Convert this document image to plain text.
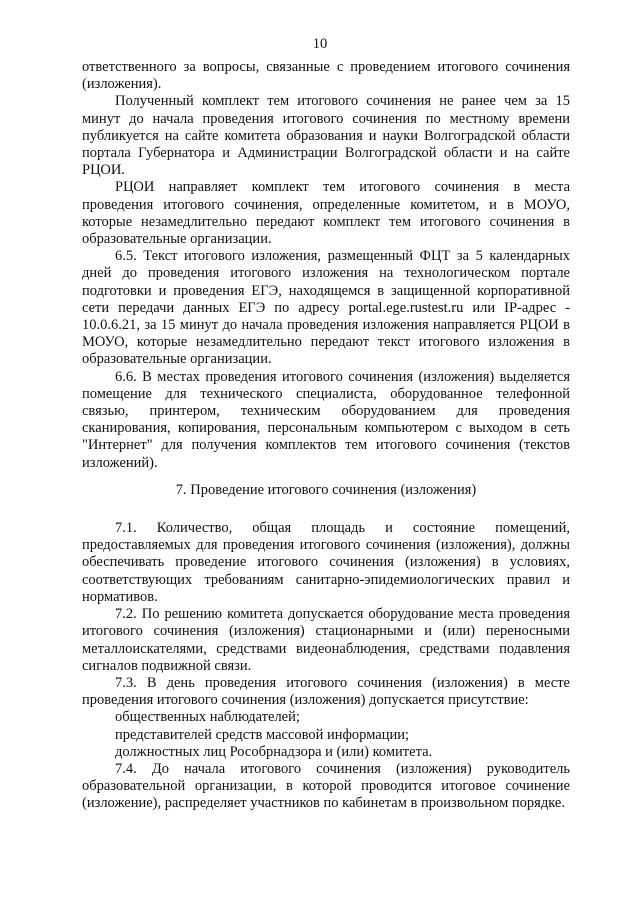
10

ответственного за вопросы, связанные с проведением итогового сочинения (изложения).

Полученный комплект тем итогового сочинения не ранее чем за 15 минут до начала проведения итогового сочинения по местному времени публикуется на сайте комитета образования и науки Волгоградской области портала Губернатора и Администрации Волгоградской области и на сайте РЦОИ.

РЦОИ направляет комплект тем итогового сочинения в места проведения итогового сочинения, определенные комитетом, и в МОУО, которые незамедлительно передают комплект тем итогового сочинения в образовательные организации.

6.5. Текст итогового изложения, размещенный ФЦТ за 5 календарных дней до проведения итогового изложения на технологическом портале подготовки и проведения ЕГЭ, находящемся в защищенной корпоративной сети передачи данных ЕГЭ по адресу portal.ege.rustest.ru или IP-адрес - 10.0.6.21, за 15 минут до начала проведения изложения направляется РЦОИ в МОУО, которые незамедлительно передают текст итогового изложения в образовательные организации.

6.6. В местах проведения итогового сочинения (изложения) выделяется помещение для технического специалиста, оборудованное телефонной связью, принтером, техническим оборудованием для проведения сканирования, копирования, персональным компьютером с выходом в сеть "Интернет" для получения комплектов тем итогового сочинения (текстов изложений).

7. Проведение итогового сочинения (изложения)

7.1. Количество, общая площадь и состояние помещений, предоставляемых для проведения итогового сочинения (изложения), должны обеспечивать проведение итогового сочинения (изложения) в условиях, соответствующих требованиям санитарно-эпидемиологических правил и нормативов.

7.2. По решению комитета допускается оборудование места проведения итогового сочинения (изложения) стационарными и (или) переносными металлоискателями, средствами видеонаблюдения, средствами подавления сигналов подвижной связи.

7.3. В день проведения итогового сочинения (изложения) в месте проведения итогового сочинения (изложения) допускается присутствие:

общественных наблюдателей;

представителей средств массовой информации;

должностных лиц Рособрнадзора и (или) комитета.

7.4. До начала итогового сочинения (изложения) руководитель образовательной организации, в которой проводится итоговое сочинение (изложение), распределяет участников по кабинетам в произвольном порядке.
